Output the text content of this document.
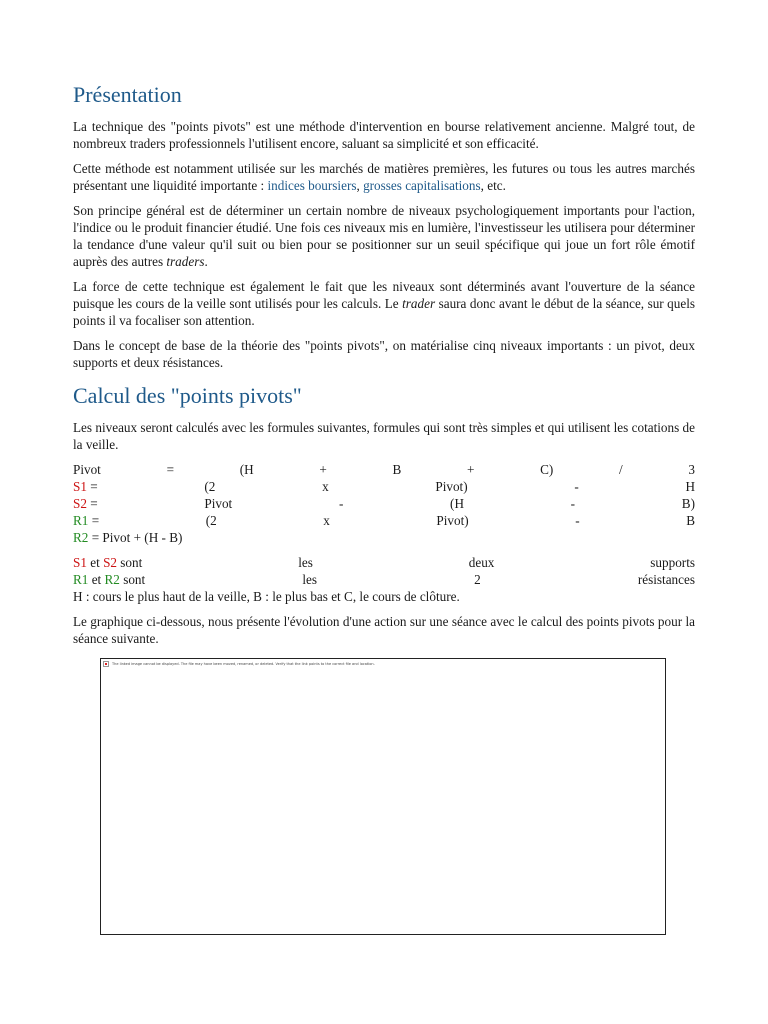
Présentation

La technique des "points pivots" est une méthode d'intervention en bourse relativement ancienne. Malgré tout, de nombreux traders professionnels l'utilisent encore, saluant sa simplicité et son efficacité.

Cette méthode est notamment utilisée sur les marchés de matières premières, les futures ou tous les autres marchés présentant une liquidité importante : indices boursiers, grosses capitalisations, etc.

Son principe général est de déterminer un certain nombre de niveaux psychologiquement importants pour l'action, l'indice ou le produit financier étudié. Une fois ces niveaux mis en lumière, l'investisseur les utilisera pour déterminer la tendance d'une valeur qu'il suit ou bien pour se positionner sur un seuil spécifique qui joue un fort rôle émotif auprès des autres traders.

La force de cette technique est également le fait que les niveaux sont déterminés avant l'ouverture de la séance puisque les cours de la veille sont utilisés pour les calculs. Le trader saura donc avant le début de la séance, sur quels points il va focaliser son attention.

Dans le concept de base de la théorie des "points pivots", on matérialise cinq niveaux importants : un pivot, deux supports et deux résistances.

Calcul des "points pivots"

Les niveaux seront calculés avec les formules suivantes, formules qui sont très simples et qui utilisent les cotations de la veille.

Pivot	=	(H	+	B	+	C)	/	3
S1 =	(2	x	Pivot)	-	H
S2 =	Pivot	-	(H	-	B)
R1 =	(2	x	Pivot)	-	B
R2 = Pivot + (H - B)
S1 et S2 sont	les	deux	supports
R1 et R2 sont	les	2	résistances
H : cours le plus haut de la veille, B : le plus bas et C, le cours de clôture.

Le graphique ci-dessous, nous présente l'évolution d'une action sur une séance avec le calcul des points pivots pour la séance suivante.

The linked image cannot be displayed. The file may have been moved, renamed, or deleted. Verify that the link points to the correct file and location.
